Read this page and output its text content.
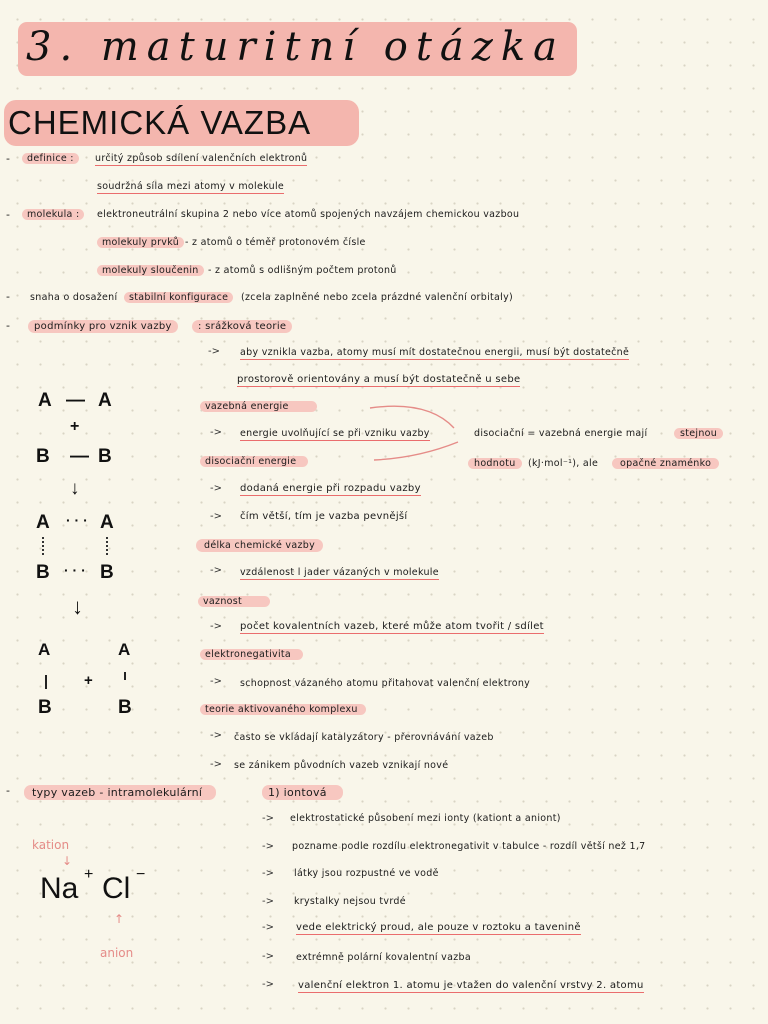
3. maturitní otázka
CHEMICKÁ VAZBA
-	definice :	určitý způsob sdílení valenčních elektronů
soudržná síla mezi atomy v molekule
-	molekula :	elektroneutrální skupina 2 nebo více atomů spojených navzájem chemickou vazbou
molekuly prvků - z atomů o téměř protonovém čísle
molekuly sloučenin - z atomů s odlišným počtem protonů
- snaha o dosažení	stabilní konfigurace	(zcela zaplněné nebo zcela prázdné valenční orbitaly)
-	podmínky pro vznik vazby	: srážková teorie
-> aby vznikla vazba, atomy musí mít dostatečnou energii, musí být dostatečně
prostorově orientovány a musí být dostatečně u sebe
vazebná energie
-> energie uvolňující se při vzniku vazby
disociační energie
-> dodaná energie při rozpadu vazby
-> čím větší, tím je vazba pevnější
disociační = vazebná energie mají	stejnou
hodnotu	(kJ·mol⁻¹), ale	opačné znaménko
délka chemické vazby
-> vzdálenost l jader vázaných v molekule
vaznost
-> počet kovalentních vazeb, které může atom tvořit / sdílet
elektronegativita
-> schopnost vázaného atomu přitahovat valenční elektrony
teorie aktivovaného komplexu
-> často se vkládají katalyzátory - přerovnávání vazeb
-> se zánikem původních vazeb vznikají nové
A — A
+
B — B
↓
A · · · A
B · · · B
↓
A	A
+
B	B
-	typy vazeb - intramolekulární	1) iontová
-> elektrostatické působení mezi ionty (kationt a aniont)
-> pozname podle rozdílu elektronegativit v tabulce - rozdíl větší než 1,7
-> látky jsou rozpustné ve vodě
-> krystalky nejsou tvrdé
-> vede elektrický proud, ale pouze v roztoku a tavenině
-> extrémně polární kovalentní vazba
-> valenční elektron 1. atomu je vtažen do valenční vrstvy 2. atomu
kation
↓
Na + Cl −
↑
anion
